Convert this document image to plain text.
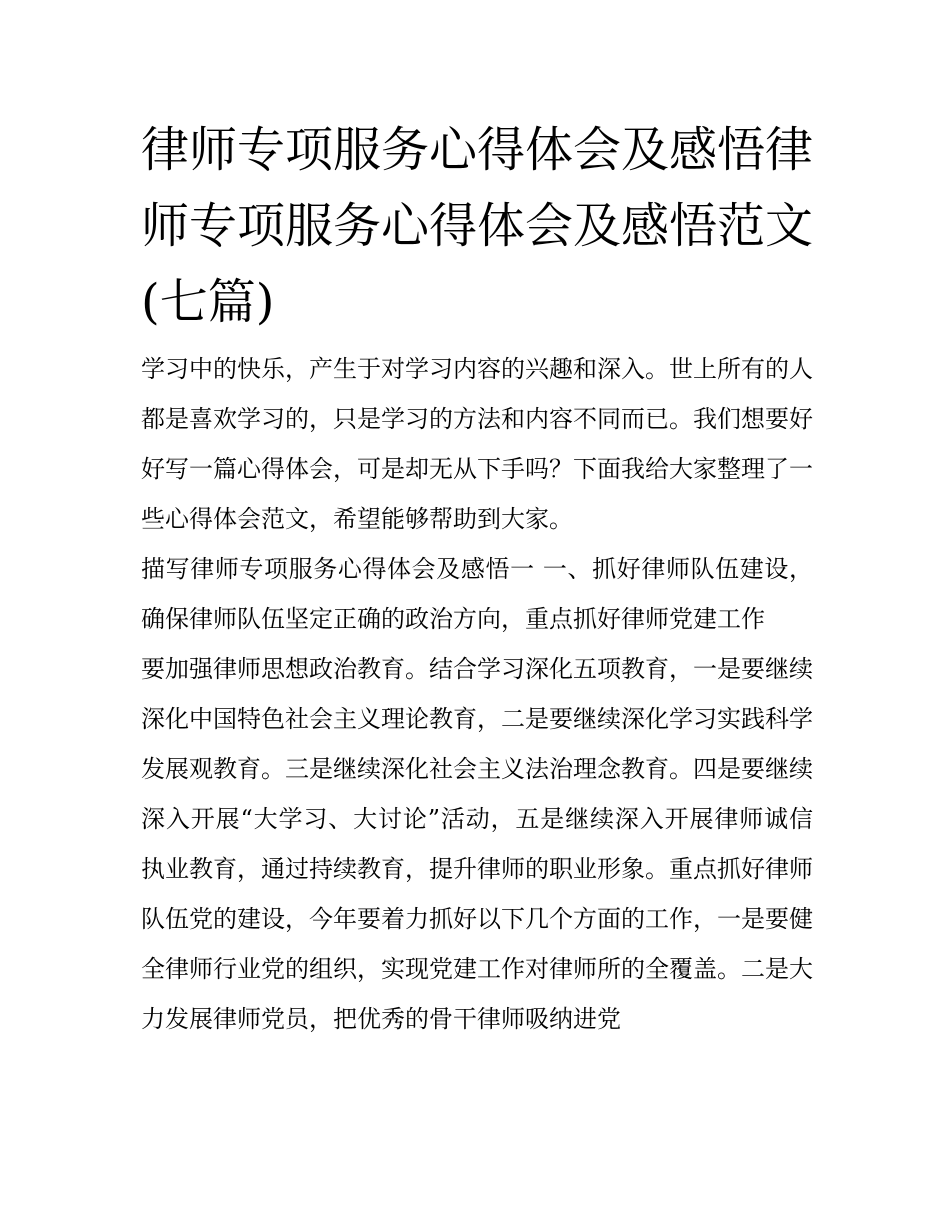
律师专项服务心得体会及感悟律师专项服务心得体会及感悟范文(七篇)

学习中的快乐，产生于对学习内容的兴趣和深入。世上所有的人都是喜欢学习的，只是学习的方法和内容不同而已。我们想要好好写一篇心得体会，可是却无从下手吗？下面我给大家整理了一些心得体会范文，希望能够帮助到大家。

描写律师专项服务心得体会及感悟一 一、抓好律师队伍建设，确保律师队伍坚定正确的政治方向，重点抓好律师党建工作

要加强律师思想政治教育。结合学习深化五项教育，一是要继续深化中国特色社会主义理论教育，二是要继续深化学习实践科学发展观教育。三是继续深化社会主义法治理念教育。四是要继续深入开展“大学习、大讨论”活动，五是继续深入开展律师诚信执业教育，通过持续教育，提升律师的职业形象。重点抓好律师队伍党的建设，今年要着力抓好以下几个方面的工作，一是要健全律师行业党的组织，实现党建工作对律师所的全覆盖。二是大力发展律师党员，把优秀的骨干律师吸纳进党
